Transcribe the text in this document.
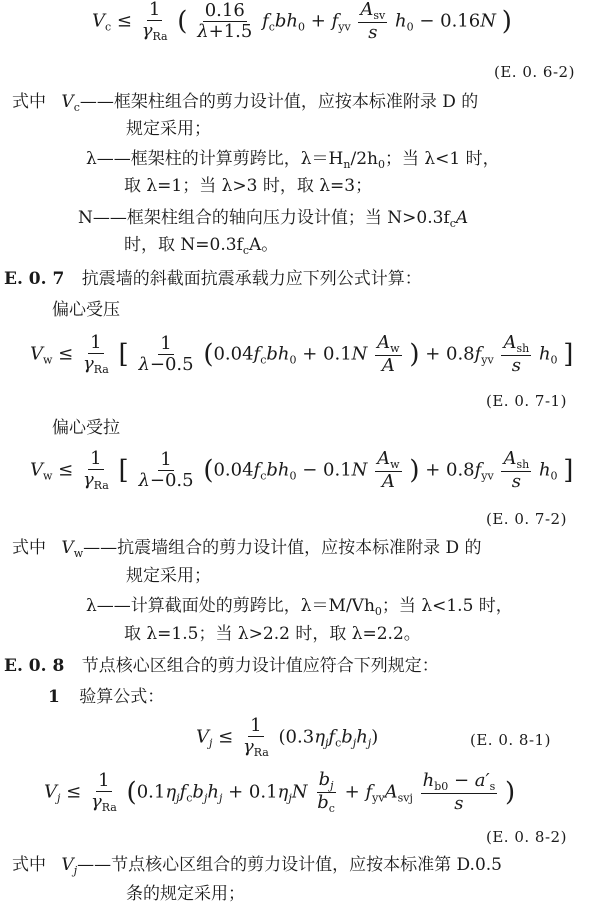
$V_c \le \frac{1}{\gamma_{Ra}}$ ( $\frac{0.16}{\lambda+1.5} f_cbh_0 + f_{yv} \frac{A_{sv}}{s} h_0 - 0.16N$ )
(E. 0. 6-2)
式中 $V_c——$框架柱组合的剪力设计值，应按本标准附录 D 的
规定采用；
λ——框架柱的计算剪跨比，$\lambda=H_n/2h_0$；当 λ<1 时，
取 λ=1；当 λ>3 时，取 λ=3；
N——框架柱组合的轴向压力设计值；当 $N>0.3f_cA$
时，取 $N=0.3f_cA$。
E. 0. 7 抗震墙的斜截面抗震承载力应下列公式计算：
偏心受压
$V_w \le \frac{1}{\gamma_{Ra}}$ [ $\frac{1}{\lambda-0.5} (0.04f_cbh_0 + 0.1N \frac{A_w}{A}$ ) + $0.8f_{yv} \frac{A_{sh}}{s} h_0$ ]
(E. 0. 7-1)
偏心受拉
$V_w \le \frac{1}{\gamma_{Ra}}$ [ $\frac{1}{\lambda-0.5} (0.04f_cbh_0 - 0.1N \frac{A_w}{A}$ ) + $0.8f_{yv} \frac{A_{sh}}{s} h_0$ ]
(E. 0. 7-2)
式中 $V_w——$抗震墙组合的剪力设计值，应按本标准附录 D 的
规定采用；
λ——计算截面处的剪跨比，$\lambda=M/Vh_0$；当 λ<1.5 时，
取 λ=1.5；当 λ>2.2 时，取 λ=2.2。
E. 0. 8 节点核心区组合的剪力设计值应符合下列规定：
1 验算公式：
$V_j \le \frac{1}{\gamma_{Ra}} (0.3\eta_jf_cb_jh_j)$	(E. 0. 8-1)
$V_j \le \frac{1}{\gamma_{Ra}} (0.1\eta_jf_cb_jh_j + 0.1\eta_jN \frac{b_j}{b_c} + f_{yv}A_{svj} \frac{h_{b0} - a'_s}{s}$ )
(E. 0. 8-2)
式中 $V_j——$节点核心区组合的剪力设计值，应按本标准第 D.0.5
条的规定采用；
